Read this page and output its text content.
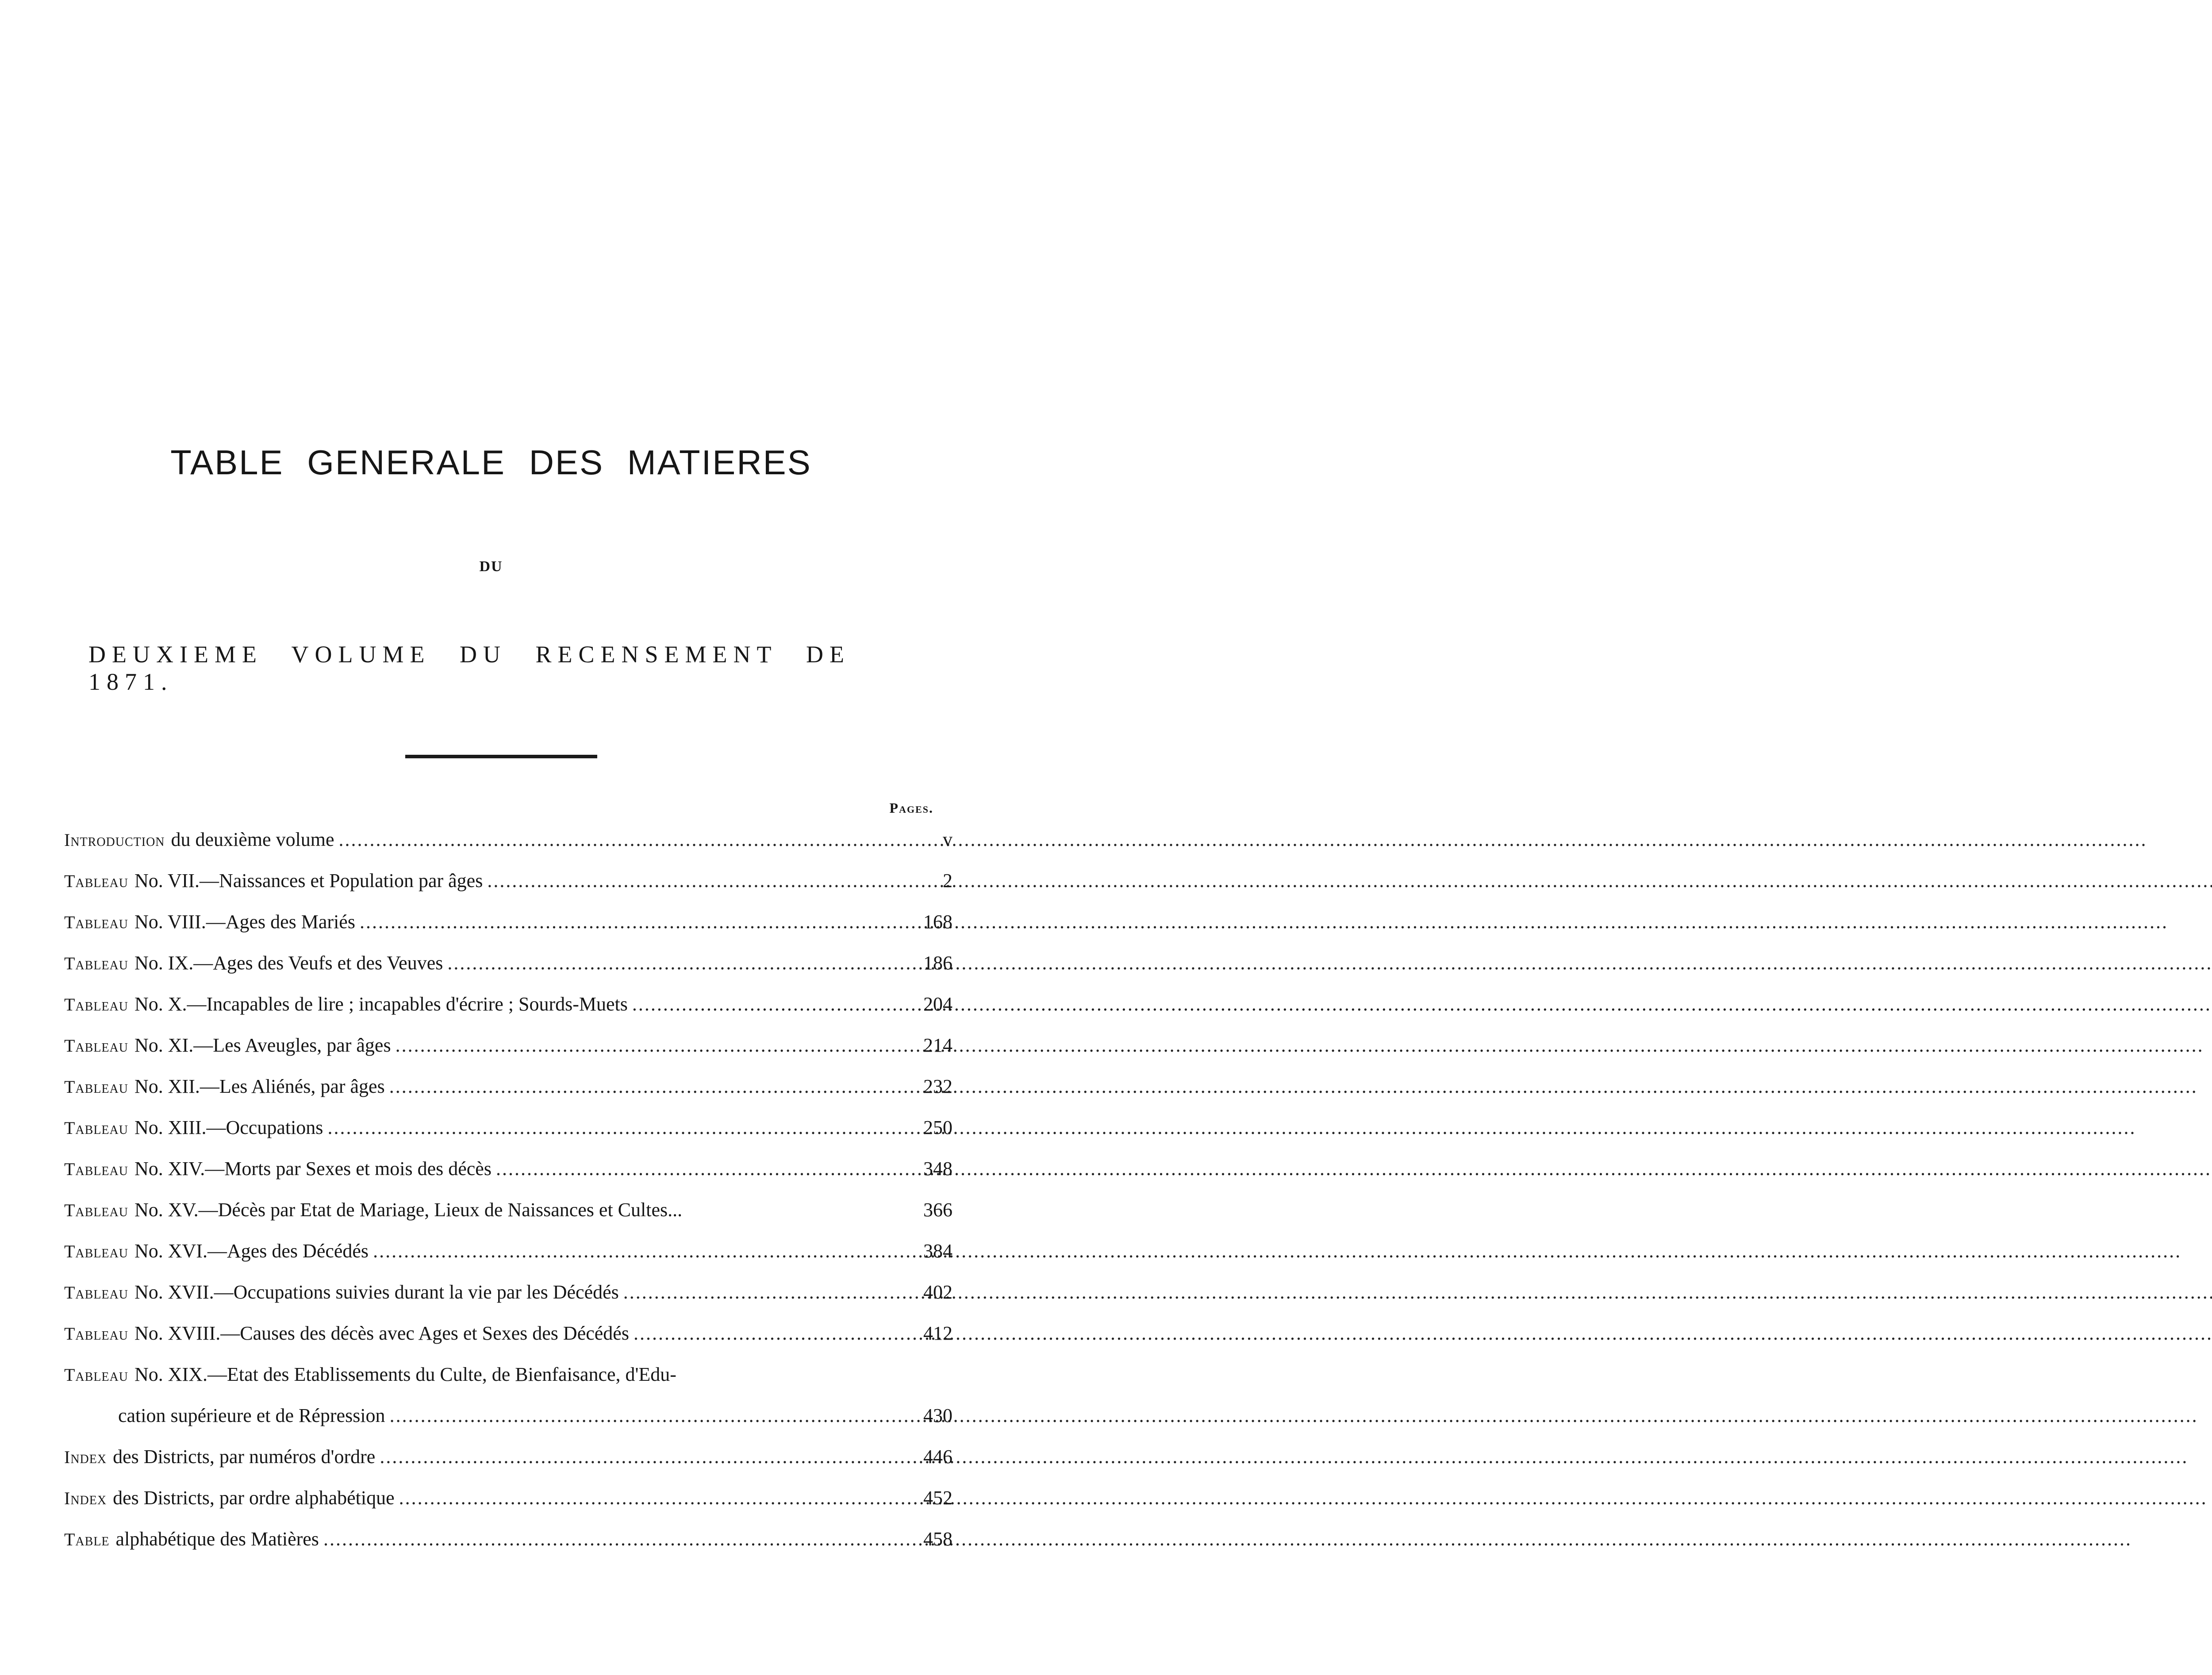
TABLE GENERALE DES MATIERES
DU
DEUXIEME VOLUME DU RECENSEMENT DE 1871.
Pages.
Introduction du deuxième volume .....	v
Tableau No. VII.—Naissances et Population par âges .....	2
Tableau No. VIII.—Ages des Mariés .....	168
Tableau No. IX.—Ages des Veufs et des Veuves .....	186
Tableau No. X.—Incapables de lire ; incapables d'écrire ; Sourds-Muets .....	204
Tableau No. XI.—Les Aveugles, par âges .....	214
Tableau No. XII.—Les Aliénés, par âges .....	232
Tableau No. XIII.—Occupations .....	250
Tableau No. XIV.—Morts par Sexes et mois des décès .....	348
Tableau No. XV.—Décès par Etat de Mariage, Lieux de Naissances et Cultes...	366
Tableau No. XVI.—Ages des Décédés .....	384
Tableau No. XVII.—Occupations suivies durant la vie par les Décédés .....	402
Tableau No. XVIII.—Causes des décès avec Ages et Sexes des Décédés .....	412
Tableau No. XIX.—Etat des Etablissements du Culte, de Bienfaisance, d'Edu-
cation supérieure et de Répression .....	430
Index des Districts, par numéros d'ordre .....	446
Index des Districts, par ordre alphabétique .....	452
Table alphabétique des Matières .....	458
